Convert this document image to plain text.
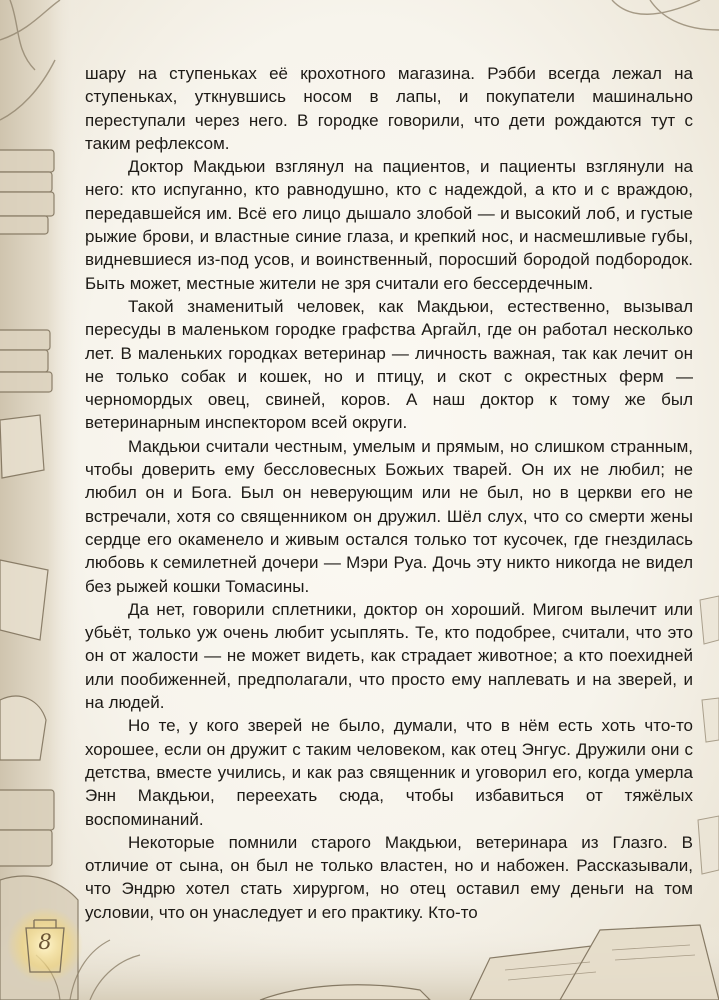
8

шару на ступеньках её крохотного магазина. Рэбби всегда лежал на ступеньках, уткнувшись носом в лапы, и покупатели машинально переступали через него. В городке говорили, что дети рождаются тут с таким рефлексом.

Доктор Макдьюи взглянул на пациентов, и пациенты взглянули на него: кто испуганно, кто равнодушно, кто с надеждой, а кто и с враждою, передавшейся им. Всё его лицо дышало злобой — и высокий лоб, и густые рыжие брови, и властные синие глаза, и крепкий нос, и насмешливые губы, видневшиеся из-под усов, и воинственный, поросший бородой подбородок. Быть может, местные жители не зря считали его бессердечным.

Такой знаменитый человек, как Макдьюи, естественно, вызывал пересуды в маленьком городке графства Аргайл, где он работал несколько лет. В маленьких городках ветеринар — личность важная, так как лечит он не только собак и кошек, но и птицу, и скот с окрестных ферм — черномордых овец, свиней, коров. А наш доктор к тому же был ветеринарным инспектором всей округи.

Макдьюи считали честным, умелым и прямым, но слишком странным, чтобы доверить ему бессловесных Божьих тварей. Он их не любил; не любил он и Бога. Был он неверующим или не был, но в церкви его не встречали, хотя со священником он дружил. Шёл слух, что со смерти жены сердце его окаменело и живым остался только тот кусочек, где гнездилась любовь к семилетней дочери — Мэри Руа. Дочь эту никто никогда не видел без рыжей кошки Томасины.

Да нет, говорили сплетники, доктор он хороший. Мигом вылечит или убьёт, только уж очень любит усыплять. Те, кто подобрее, считали, что это он от жалости — не может видеть, как страдает животное; а кто поехидней или пообиженней, предполагали, что просто ему наплевать и на зверей, и на людей.

Но те, у кого зверей не было, думали, что в нём есть хоть что-то хорошее, если он дружит с таким человеком, как отец Энгус. Дружили они с детства, вместе учились, и как раз священник и уговорил его, когда умерла Энн Макдьюи, переехать сюда, чтобы избавиться от тяжёлых воспоминаний.

Некоторые помнили старого Макдьюи, ветеринара из Глазго. В отличие от сына, он был не только властен, но и набожен. Рассказывали, что Эндрю хотел стать хирургом, но отец оставил ему деньги на том условии, что он унаследует и его практику. Кто-то
